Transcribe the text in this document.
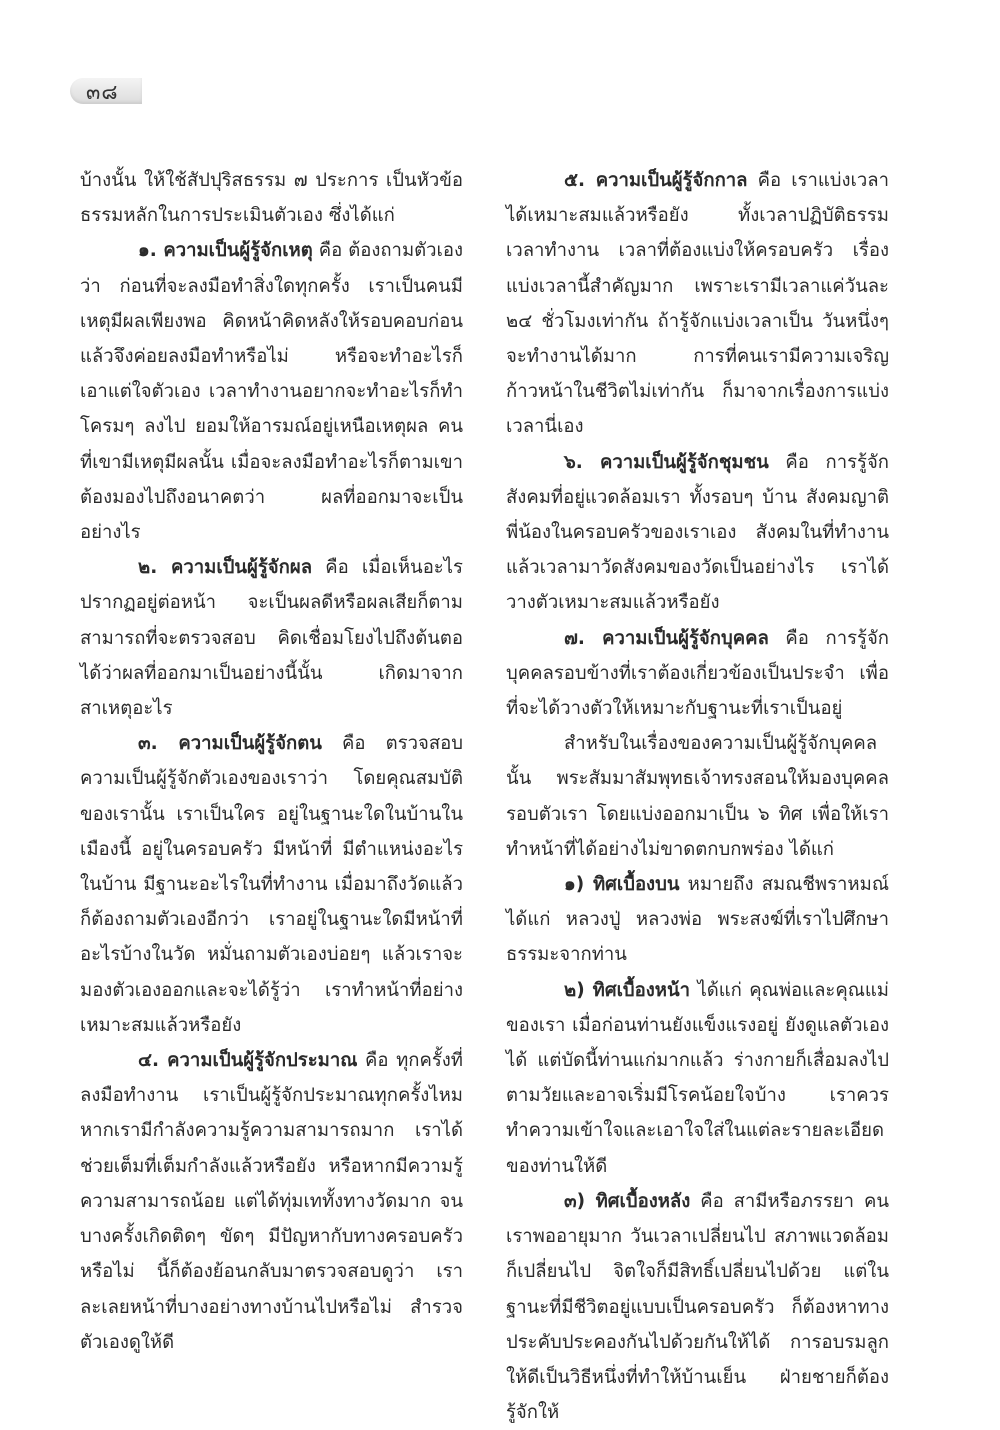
๓๘

บ้างนั้น ให้ใช้สัปปุริสธรรม ๗ ประการ เป็นหัวข้อธรรมหลักในการประเมินตัวเอง ซึ่งได้แก่

๑. ความเป็นผู้รู้จักเหตุ คือ ต้องถามตัวเองว่า ก่อนที่จะลงมือทำสิ่งใดทุกครั้ง เราเป็นคนมีเหตุมีผลเพียงพอ คิดหน้าคิดหลังให้รอบคอบก่อนแล้วจึงค่อยลงมือทำหรือไม่ หรือจะทำอะไรก็เอาแต่ใจตัวเอง เวลาทำงานอยากจะทำอะไรก็ทำโครมๆ ลงไป ยอมให้อารมณ์อยู่เหนือเหตุผล คนที่เขามีเหตุมีผลนั้น เมื่อจะลงมือทำอะไรก็ตามเขาต้องมองไปถึงอนาคตว่า ผลที่ออกมาจะเป็นอย่างไร

๒. ความเป็นผู้รู้จักผล คือ เมื่อเห็นอะไรปรากฏอยู่ต่อหน้า จะเป็นผลดีหรือผลเสียก็ตามสามารถที่จะตรวจสอบ คิดเชื่อมโยงไปถึงต้นตอได้ว่าผลที่ออกมาเป็นอย่างนี้นั้น เกิดมาจากสาเหตุอะไร

๓. ความเป็นผู้รู้จักตน คือ ตรวจสอบความเป็นผู้รู้จักตัวเองของเราว่า โดยคุณสมบัติของเรานั้น เราเป็นใคร อยู่ในฐานะใดในบ้านในเมืองนี้ อยู่ในครอบครัว มีหน้าที่ มีตำแหน่งอะไรในบ้าน มีฐานะอะไรในที่ทำงาน เมื่อมาถึงวัดแล้ว ก็ต้องถามตัวเองอีกว่า เราอยู่ในฐานะใดมีหน้าที่อะไรบ้างในวัด หมั่นถามตัวเองบ่อยๆ แล้วเราจะมองตัวเองออกและจะได้รู้ว่า เราทำหน้าที่อย่างเหมาะสมแล้วหรือยัง

๔. ความเป็นผู้รู้จักประมาณ คือ ทุกครั้งที่ลงมือทำงาน เราเป็นผู้รู้จักประมาณทุกครั้งไหม หากเรามีกำลังความรู้ความสามารถมาก เราได้ช่วยเต็มที่เต็มกำลังแล้วหรือยัง หรือหากมีความรู้ความสามารถน้อย แต่ได้ทุ่มเททั้งทางวัดมาก จนบางครั้งเกิดติดๆ ขัดๆ มีปัญหากับทางครอบครัวหรือไม่ นี้ก็ต้องย้อนกลับมาตรวจสอบดูว่า เราละเลยหน้าที่บางอย่างทางบ้านไปหรือไม่ สำรวจตัวเองดูให้ดี

๕. ความเป็นผู้รู้จักกาล คือ เราแบ่งเวลาได้เหมาะสมแล้วหรือยัง ทั้งเวลาปฏิบัติธรรม เวลาทำงาน เวลาที่ต้องแบ่งให้ครอบครัว เรื่องแบ่งเวลานี้สำคัญมาก เพราะเรามีเวลาแค่วันละ ๒๔ ชั่วโมงเท่ากัน ถ้ารู้จักแบ่งเวลาเป็น วันหนึ่งๆ จะทำงานได้มาก การที่คนเรามีความเจริญก้าวหน้าในชีวิตไม่เท่ากัน ก็มาจากเรื่องการแบ่งเวลานี่เอง

๖. ความเป็นผู้รู้จักชุมชน คือ การรู้จักสังคมที่อยู่แวดล้อมเรา ทั้งรอบๆ บ้าน สังคมญาติพี่น้องในครอบครัวของเราเอง สังคมในที่ทำงาน แล้วเวลามาวัดสังคมของวัดเป็นอย่างไร เราได้วางตัวเหมาะสมแล้วหรือยัง

๗. ความเป็นผู้รู้จักบุคคล คือ การรู้จักบุคคลรอบข้างที่เราต้องเกี่ยวข้องเป็นประจำ เพื่อที่จะได้วางตัวให้เหมาะกับฐานะที่เราเป็นอยู่

สำหรับในเรื่องของความเป็นผู้รู้จักบุคคลนั้น พระสัมมาสัมพุทธเจ้าทรงสอนให้มองบุคคลรอบตัวเรา โดยแบ่งออกมาเป็น ๖ ทิศ เพื่อให้เราทำหน้าที่ได้อย่างไม่ขาดตกบกพร่อง ได้แก่

๑) ทิศเบื้องบน หมายถึง สมณชีพราหมณ์ได้แก่ หลวงปู่ หลวงพ่อ พระสงฆ์ที่เราไปศึกษาธรรมะจากท่าน

๒) ทิศเบื้องหน้า ได้แก่ คุณพ่อและคุณแม่ของเรา เมื่อก่อนท่านยังแข็งแรงอยู่ ยังดูแลตัวเองได้ แต่บัดนี้ท่านแก่มากแล้ว ร่างกายก็เสื่อมลงไปตามวัยและอาจเริ่มมีโรคน้อยใจบ้าง เราควรทำความเข้าใจและเอาใจใส่ในแต่ละรายละเอียดของท่านให้ดี

๓) ทิศเบื้องหลัง คือ สามีหรือภรรยา คนเราพออายุมาก วันเวลาเปลี่ยนไป สภาพแวดล้อมก็เปลี่ยนไป จิตใจก็มีสิทธิ์เปลี่ยนไปด้วย แต่ในฐานะที่มีชีวิตอยู่แบบเป็นครอบครัว ก็ต้องหาทางประคับประคองกันไปด้วยกันให้ได้ การอบรมลูกให้ดีเป็นวิธีหนึ่งที่ทำให้บ้านเย็น ฝ่ายชายก็ต้องรู้จักให้
